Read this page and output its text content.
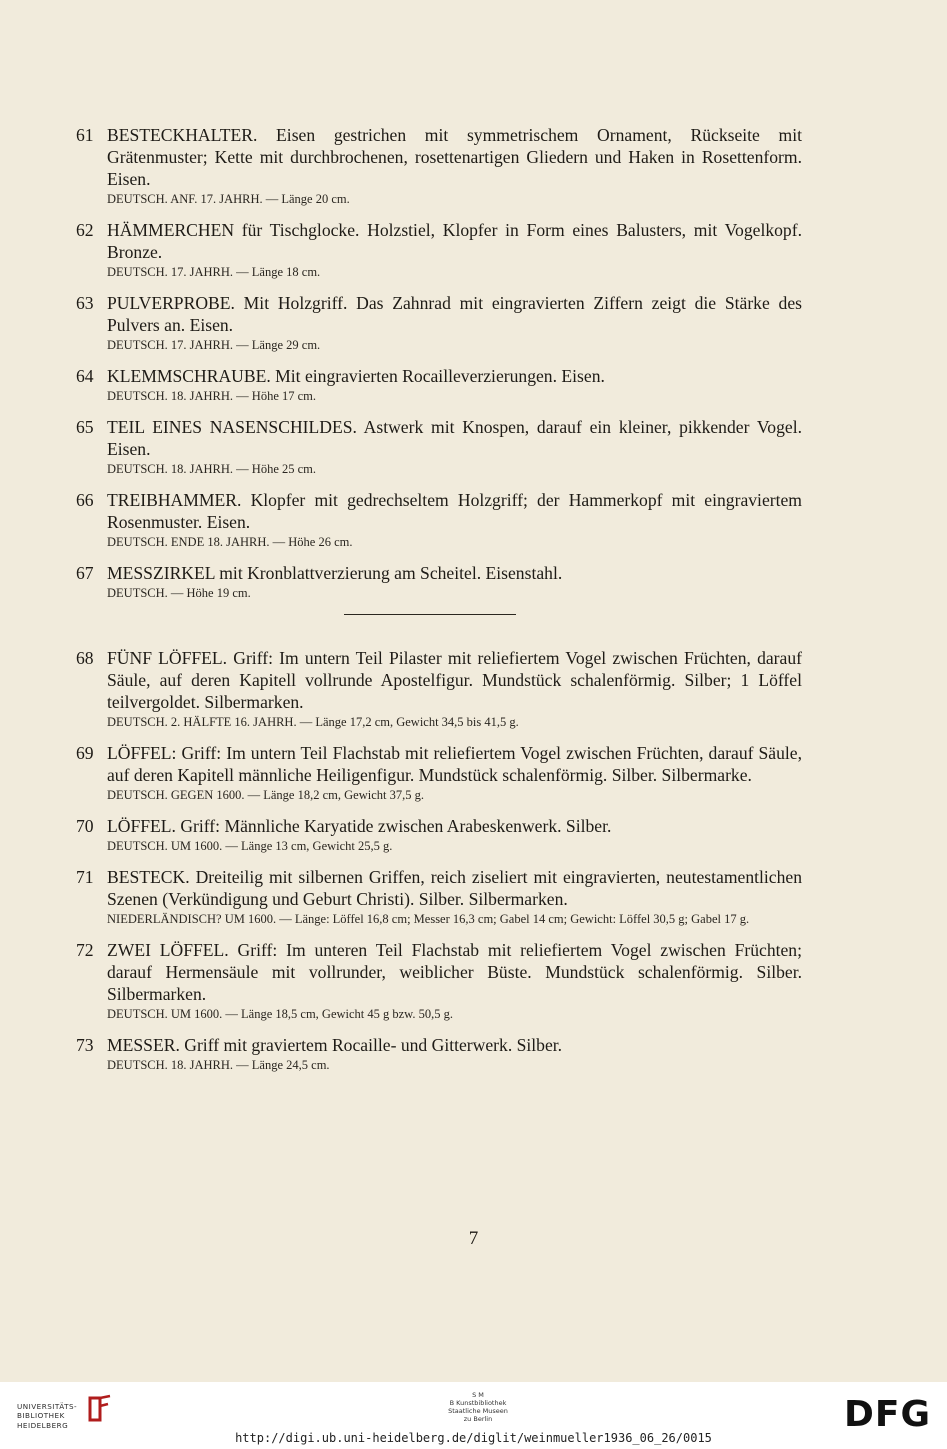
61 BESTECKHALTER. Eisen gestrichen mit symmetrischem Ornament, Rückseite mit Grätenmuster; Kette mit durchbrochenen, rosettenartigen Gliedern und Haken in Rosettenform. Eisen.
DEUTSCH. ANF. 17. JAHRH. — Länge 20 cm.
62 HÄMMERCHEN für Tischglocke. Holzstiel, Klopfer in Form eines Balusters, mit Vogelkopf. Bronze.
DEUTSCH. 17. JAHRH. — Länge 18 cm.
63 PULVERPROBE. Mit Holzgriff. Das Zahnrad mit eingravierten Ziffern zeigt die Stärke des Pulvers an. Eisen.
DEUTSCH. 17. JAHRH. — Länge 29 cm.
64 KLEMMSCHRAUBE. Mit eingravierten Rocailleverzierungen. Eisen.
DEUTSCH. 18. JAHRH. — Höhe 17 cm.
65 TEIL EINES NASENSCHILDES. Astwerk mit Knospen, darauf ein kleiner, pikkender Vogel. Eisen.
DEUTSCH. 18. JAHRH. — Höhe 25 cm.
66 TREIBHAMMER. Klopfer mit gedrechseltem Holzgriff; der Hammerkopf mit eingraviertem Rosenmuster. Eisen.
DEUTSCH. ENDE 18. JAHRH. — Höhe 26 cm.
67 MESSZIRKEL mit Kronblattverzierung am Scheitel. Eisenstahl.
DEUTSCH. — Höhe 19 cm.
68 FÜNF LÖFFEL. Griff: Im untern Teil Pilaster mit reliefiertem Vogel zwischen Früchten, darauf Säule, auf deren Kapitell vollrunde Apostelfigur. Mundstück schalenförmig. Silber; 1 Löffel teilvergoldet. Silbermarken.
DEUTSCH. 2. HÄLFTE 16. JAHRH. — Länge 17,2 cm, Gewicht 34,5 bis 41,5 g.
69 LÖFFEL: Griff: Im untern Teil Flachstab mit reliefiertem Vogel zwischen Früchten, darauf Säule, auf deren Kapitell männliche Heiligenfigur. Mundstück schalenförmig. Silber. Silbermarke.
DEUTSCH. GEGEN 1600. — Länge 18,2 cm, Gewicht 37,5 g.
70 LÖFFEL. Griff: Männliche Karyatide zwischen Arabeskenwerk. Silber.
DEUTSCH. UM 1600. — Länge 13 cm, Gewicht 25,5 g.
71 BESTECK. Dreiteilig mit silbernen Griffen, reich ziseliert mit eingravierten, neutestamentlichen Szenen (Verkündigung und Geburt Christi). Silber. Silbermarken.
NIEDERLÄNDISCH? UM 1600. — Länge: Löffel 16,8 cm; Messer 16,3 cm; Gabel 14 cm; Gewicht: Löffel 30,5 g; Gabel 17 g.
72 ZWEI LÖFFEL. Griff: Im unteren Teil Flachstab mit reliefiertem Vogel zwischen Früchten; darauf Hermensäule mit vollrunder, weiblicher Büste. Mundstück schalenförmig. Silber. Silbermarken.
DEUTSCH. UM 1600. — Länge 18,5 cm, Gewicht 45 g bzw. 50,5 g.
73 MESSER. Griff mit graviertem Rocaille- und Gitterwerk. Silber.
DEUTSCH. 18. JAHRH. — Länge 24,5 cm.
7
UNIVERSITÄTS-
BIBLIOTHEK
HEIDELBERG
S M
B Kunstbibliothek
Staatliche Museen
zu Berlin	DFG
http://digi.ub.uni-heidelberg.de/diglit/weinmueller1936_06_26/0015
